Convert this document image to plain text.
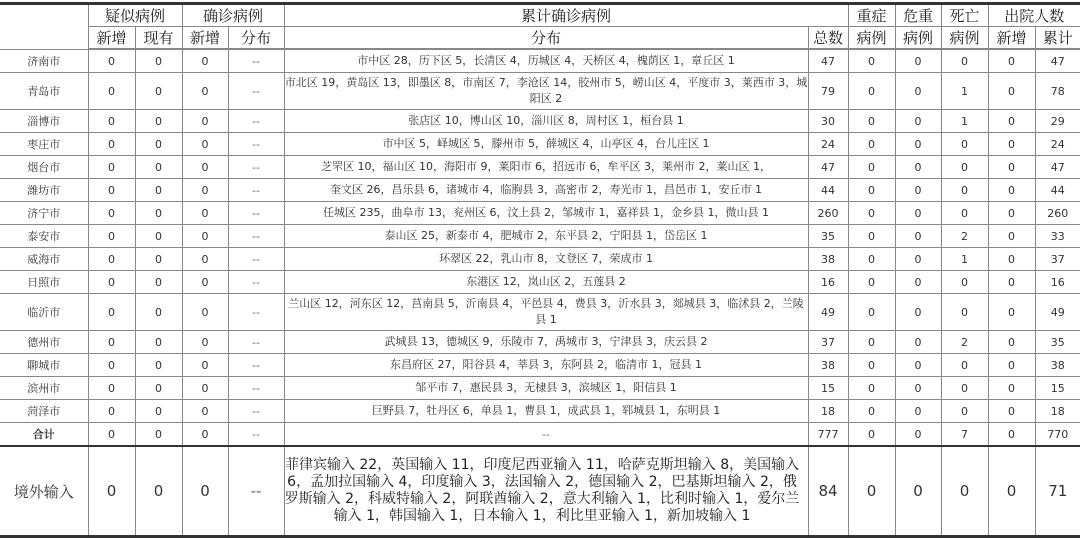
	疑似病例		确诊病例		累计确诊病例		重症	危重	死亡	出院人数	
	新增	现有	新增	分布	分布	总数	病例	病例	病例	新增	累计
济南市	0	0	0	--	市中区 28，历下区 5，长清区 4，历城区 4，天桥区 4，槐荫区 1，章丘区 1	47	0	0	0	0	47
青岛市	0	0	0	--	市北区 19，黄岛区 13，即墨区 8，市南区 7，李沧区 14，胶州市 5，崂山区 4，平度市 3，莱西市 3，城阳区 2	79	0	0	1	0	78
淄博市	0	0	0	--	张店区 10，博山区 10，淄川区 8，周村区 1，桓台县 1	30	0	0	1	0	29
枣庄市	0	0	0	--	市中区 5，峄城区 5，滕州市 5，薛城区 4，山亭区 4，台儿庄区 1	24	0	0	0	0	24
烟台市	0	0	0	--	芝罘区 10，福山区 10，海阳市 9，莱阳市 6，招远市 6，牟平区 3，莱州市 2，莱山区 1，	47	0	0	0	0	47
潍坊市	0	0	0	--	奎文区 26，昌乐县 6，诸城市 4，临朐县 3，高密市 2，寿光市 1，昌邑市 1，安丘市 1	44	0	0	0	0	44
济宁市	0	0	0	--	任城区 235，曲阜市 13，兖州区 6，汶上县 2，邹城市 1，嘉祥县 1，金乡县 1，微山县 1	260	0	0	0	0	260
泰安市	0	0	0	--	泰山区 25，新泰市 4，肥城市 2，东平县 2，宁阳县 1，岱岳区 1	35	0	0	2	0	33
威海市	0	0	0	--	环翠区 22，乳山市 8，文登区 7，荣成市 1	38	0	0	1	0	37
日照市	0	0	0	--	东港区 12，岚山区 2，五莲县 2	16	0	0	0	0	16
临沂市	0	0	0	--	兰山区 12，河东区 12，莒南县 5，沂南县 4，平邑县 4，费县 3，沂水县 3，郯城县 3，临沭县 2，兰陵县 1	49	0	0	0	0	49
德州市	0	0	0	--	武城县 13，德城区 9，乐陵市 7，禹城市 3，宁津县 3，庆云县 2	37	0	0	2	0	35
聊城市	0	0	0	--	东昌府区 27，阳谷县 4，莘县 3，东阿县 2，临清市 1，冠县 1	38	0	0	0	0	38
滨州市	0	0	0	--	邹平市 7，惠民县 3，无棣县 3，滨城区 1，阳信县 1	15	0	0	0	0	15
菏泽市	0	0	0	--	巨野县 7，牡丹区 6，单县 1，曹县 1，成武县 1，郓城县 1，东明县 1	18	0	0	0	0	18
合计	0	0	0	--	--	777	0	0	7	0	770
境外输入	0	0	0	--	菲律宾输入 22，英国输入 11，印度尼西亚输入 11，哈萨克斯坦输入 8，美国输入 6，孟加拉国输入 4，印度输入 3，法国输入 2，德国输入 2，巴基斯坦输入 2，俄罗斯输入 2，科威特输入 2，阿联酋输入 2，意大利输入 1，比利时输入 1，爱尔兰输入 1，韩国输入 1，日本输入 1，利比里亚输入 1，新加坡输入 1	84	0	0	0	0	71
